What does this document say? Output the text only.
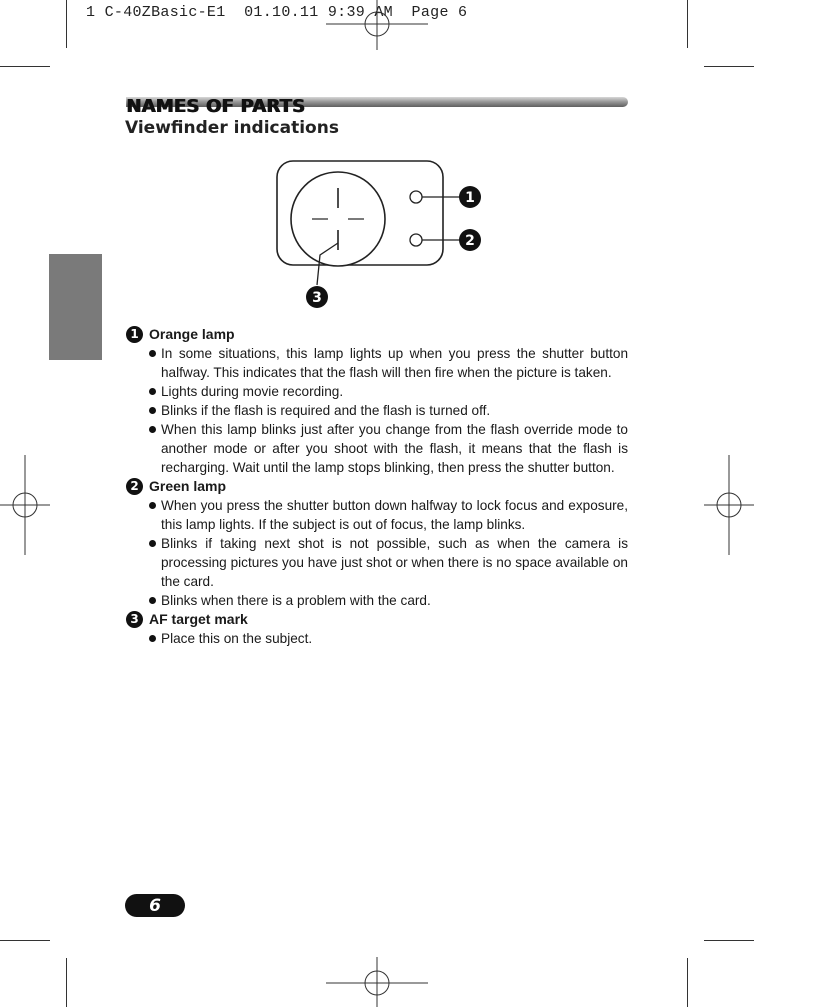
1 C-40ZBasic-E1  01.10.11 9:39 AM  Page 6
NAMES OF PARTS
Viewfinder indications
1
2
3
1 Orange lamp
In some situations, this lamp lights up when you press the shutter button halfway. This indicates that the flash will then fire when the picture is taken.
Lights during movie recording.
Blinks if the flash is required and the flash is turned off.
When this lamp blinks just after you change from the flash override mode to another mode or after you shoot with the flash, it means that the flash is recharging. Wait until the lamp stops blinking, then press the shutter button.
2 Green lamp
When you press the shutter button down halfway to lock focus and exposure, this lamp lights. If the subject is out of focus, the lamp blinks.
Blinks if taking next shot is not possible, such as when the camera is processing pictures you have just shot or when there is no space available on the card.
Blinks when there is a problem with the card.
3 AF target mark
Place this on the subject.
6
